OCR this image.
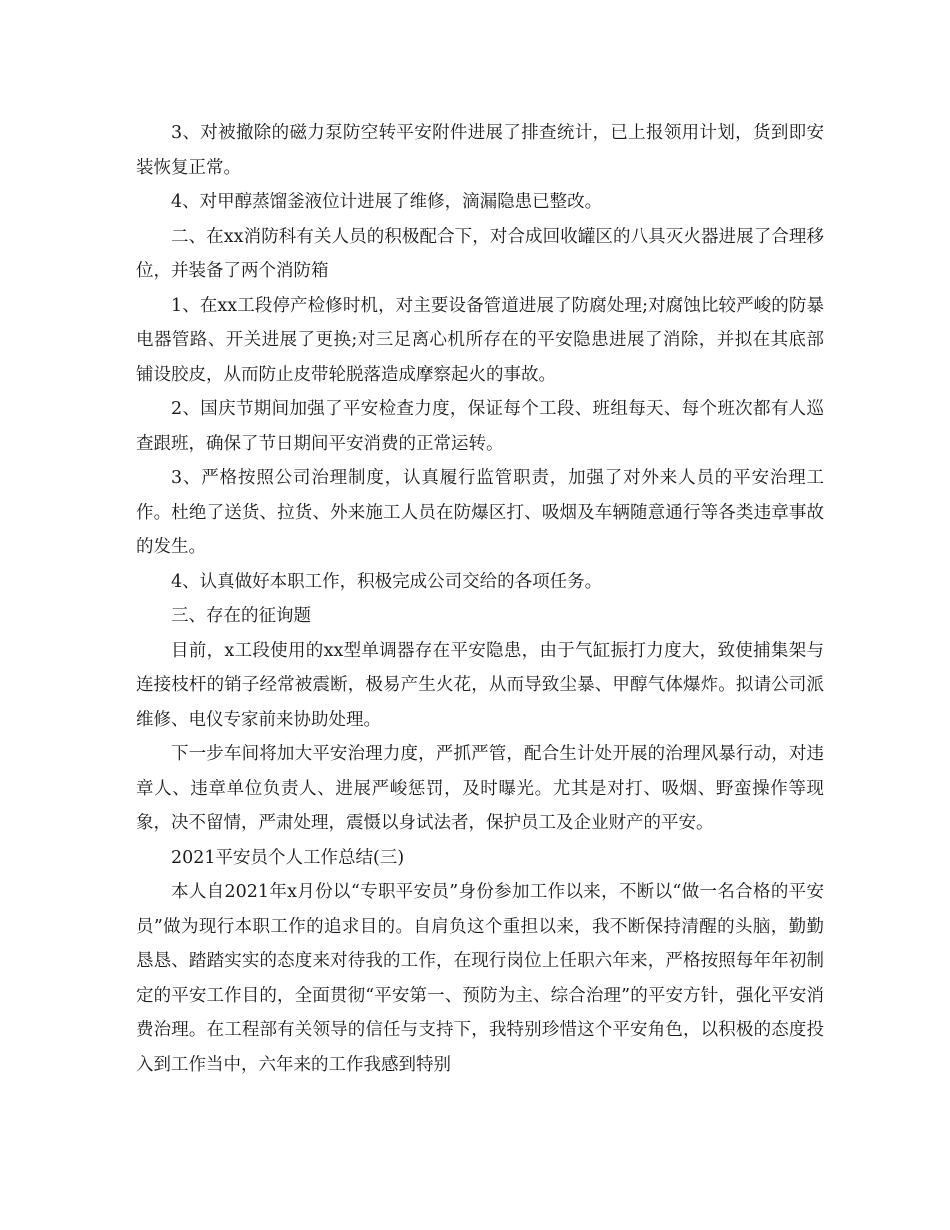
3、对被撤除的磁力泵防空转平安附件进展了排查统计，已上报领用计划，货到即安装恢复正常。

4、对甲醇蒸馏釜液位计进展了维修，滴漏隐患已整改。

二、在xx消防科有关人员的积极配合下，对合成回收罐区的八具灭火器进展了合理移位，并装备了两个消防箱

1、在xx工段停产检修时机，对主要设备管道进展了防腐处理;对腐蚀比较严峻的防暴电器管路、开关进展了更换;对三足离心机所存在的平安隐患进展了消除，并拟在其底部铺设胶皮，从而防止皮带轮脱落造成摩察起火的事故。

2、国庆节期间加强了平安检查力度，保证每个工段、班组每天、每个班次都有人巡查跟班，确保了节日期间平安消费的正常运转。

3、严格按照公司治理制度，认真履行监管职责，加强了对外来人员的平安治理工作。杜绝了送货、拉货、外来施工人员在防爆区打、吸烟及车辆随意通行等各类违章事故的发生。

4、认真做好本职工作，积极完成公司交给的各项任务。

三、存在的征询题

目前，x工段使用的xx型单调器存在平安隐患，由于气缸振打力度大，致使捕集架与连接枝杆的销子经常被震断，极易产生火花，从而导致尘暴、甲醇气体爆炸。拟请公司派维修、电仪专家前来协助处理。

下一步车间将加大平安治理力度，严抓严管，配合生计处开展的治理风暴行动，对违章人、违章单位负责人、进展严峻惩罚，及时曝光。尤其是对打、吸烟、野蛮操作等现象，决不留情，严肃处理，震慑以身试法者，保护员工及企业财产的平安。

2021平安员个人工作总结(三)

本人自2021年x月份以“专职平安员”身份参加工作以来，不断以“做一名合格的平安员”做为现行本职工作的追求目的。自肩负这个重担以来，我不断保持清醒的头脑，勤勤恳恳、踏踏实实的态度来对待我的工作，在现行岗位上任职六年来，严格按照每年年初制定的平安工作目的，全面贯彻“平安第一、预防为主、综合治理”的平安方针，强化平安消费治理。在工程部有关领导的信任与支持下，我特别珍惜这个平安角色，以积极的态度投入到工作当中，六年来的工作我感到特别
